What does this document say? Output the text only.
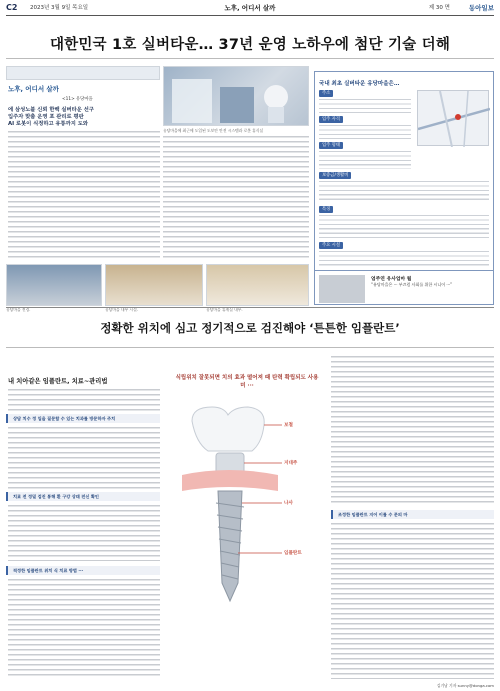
C2 2023년 3월 9일 목요일	노후, 어디서 살까	제 30 면	동아일보
대한민국 1호 실버타운… 37년 운영 노하우에 첨단 기술 더해
노후, 어디서 살까
<11> 유당마을
에 삼성노블 신뢰 한백 실버타운 선구
입주자 맞춤 운영 포 관리로 평판
AI 로봇이 식정하고 유통까지 도와
유당마을에 최근에 도입된 도보안 안전 시스템과 로봇 휴식실
유당마을 전경.	유당마을 내부 시설.	유당마을 휴게실 내부.
국내 최초 실버타운 유당마을은…
주소
입주 자격
입주 형태
보증금/생활비
특징
주요 시설
엄주연 유사업마 월
“유당마을은 ··· 부끄럼 사회를 위한 시니어 ···”
정확한 위치에 심고 정기적으로 검진해야 ‘튼튼한 임플란트’
내 치아같은 임플란트, 치료~관리법
상담 치수 정 입을 질문할 수 있는 치과를 방문하자 주치
치료 전 정밀 검진 통해 환 구강 상태 전신 확인
적정한 임플란트 위치 식 치료 방법 ···
식립위치 잘못되면 치의 효과 떨어져 때 탄력 확립되도 사용 미 ···
보철
지대주
나사
임플란트
조정한 임플란트 지어 이를 수 문의 마
김기남 기자 sunny@donga.com
